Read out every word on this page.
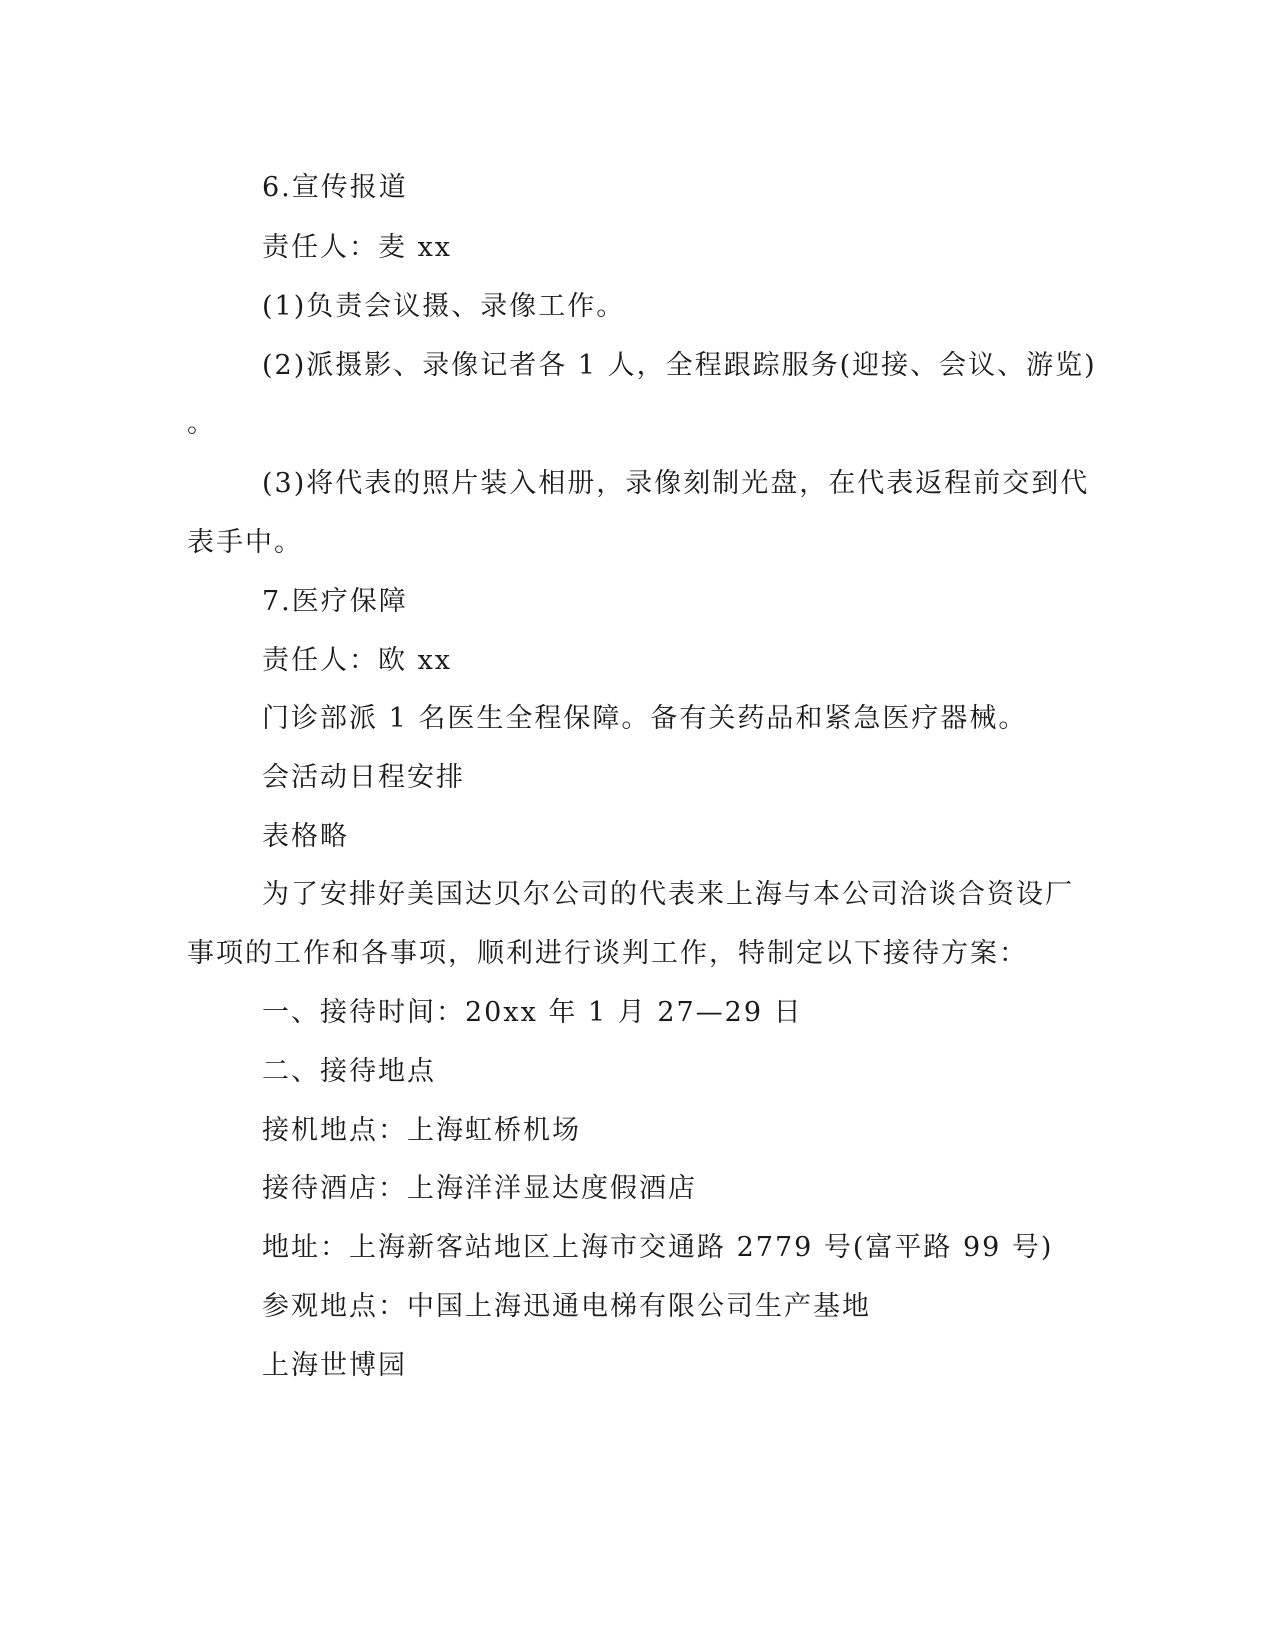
6.宣传报道
责任人：麦 xx
(1)负责会议摄、录像工作。
(2)派摄影、录像记者各 1 人，全程跟踪服务(迎接、会议、游览)
。
(3)将代表的照片装入相册，录像刻制光盘，在代表返程前交到代
表手中。
7.医疗保障
责任人：欧 xx
门诊部派 1 名医生全程保障。备有关药品和紧急医疗器械。
会活动日程安排
表格略
为了安排好美国达贝尔公司的代表来上海与本公司洽谈合资设厂
事项的工作和各事项，顺利进行谈判工作，特制定以下接待方案：
一、接待时间：20xx 年 1 月 27—29 日
二、接待地点
接机地点：上海虹桥机场
接待酒店：上海洋洋显达度假酒店
地址：上海新客站地区上海市交通路 2779 号(富平路 99 号)
参观地点：中国上海迅通电梯有限公司生产基地
上海世博园
